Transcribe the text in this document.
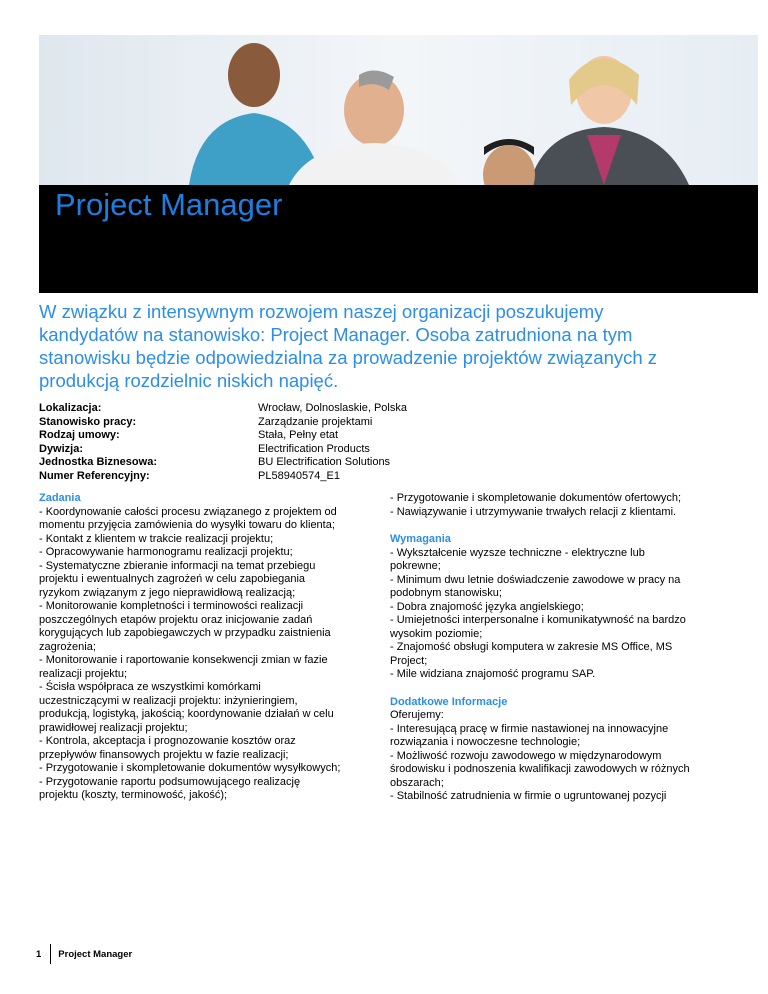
Project Manager

W związku z intensywnym rozwojem naszej organizacji poszukujemy kandydatów na stanowisko: Project Manager. Osoba zatrudniona na tym stanowisku będzie odpowiedzialna za prowadzenie projektów związanych z produkcją rozdzielnic niskich napięć.

Lokalizacja:	Wrocław, Dolnoslaskie, Polska
Stanowisko pracy:	Zarządzanie projektami
Rodzaj umowy:	Stała, Pełny etat
Dywizja:	Electrification Products
Jednostka Biznesowa:	BU Electrification Solutions
Numer Referencyjny:	PL58940574_E1
Zadania
- Koordynowanie całości procesu związanego z projektem od
momentu przyjęcia zamówienia do wysyłki towaru do klienta;
- Kontakt z klientem w trakcie realizacji projektu;
- Opracowywanie harmonogramu realizacji projektu;
- Systematyczne zbieranie informacji na temat przebiegu
projektu i ewentualnych zagrożeń w celu zapobiegania
ryzykom związanym z jego nieprawidłową realizacją;
- Monitorowanie kompletności i terminowości realizacji
poszczególnych etapów projektu oraz inicjowanie zadań
korygujących lub zapobiegawczych w przypadku zaistnienia
zagrożenia;
- Monitorowanie i raportowanie konsekwencji zmian w fazie
realizacji projektu;
- Ścisła współpraca ze wszystkimi komórkami
uczestniczącymi w realizacji projektu: inżynieringiem,
produkcją, logistyką, jakością; koordynowanie działań w celu
prawidłowej realizacji projektu;
- Kontrola, akceptacja i prognozowanie kosztów oraz
przepływów finansowych projektu w fazie realizacji;
- Przygotowanie i skompletowanie dokumentów wysyłkowych;
- Przygotowanie raportu podsumowującego realizację
projektu (koszty, terminowość, jakość);
- Przygotowanie i skompletowanie dokumentów ofertowych;
- Nawiązywanie i utrzymywanie trwałych relacji z klientami.
Wymagania
- Wykształcenie wyzsze techniczne - elektryczne lub
pokrewne;
- Minimum dwu letnie doświadczenie zawodowe w pracy na
podobnym stanowisku;
- Dobra znajomość języka angielskiego;
- Umiejetności interpersonalne i komunikatywność na bardzo
wysokim poziomie;
- Znajomość obsługi komputera w zakresie MS Office, MS
Project;
- Mile widziana znajomość programu SAP.
Dodatkowe Informacje
Oferujemy:
- Interesującą pracę w firmie nastawionej na innowacyjne
rozwiązania i nowoczesne technologie;
- Możliwość rozwoju zawodowego w międzynarodowym
środowisku i podnoszenia kwalifikacji zawodowych w różnych
obszarach;
- Stabilność zatrudnienia w firmie o ugruntowanej pozycji
1 Project Manager
